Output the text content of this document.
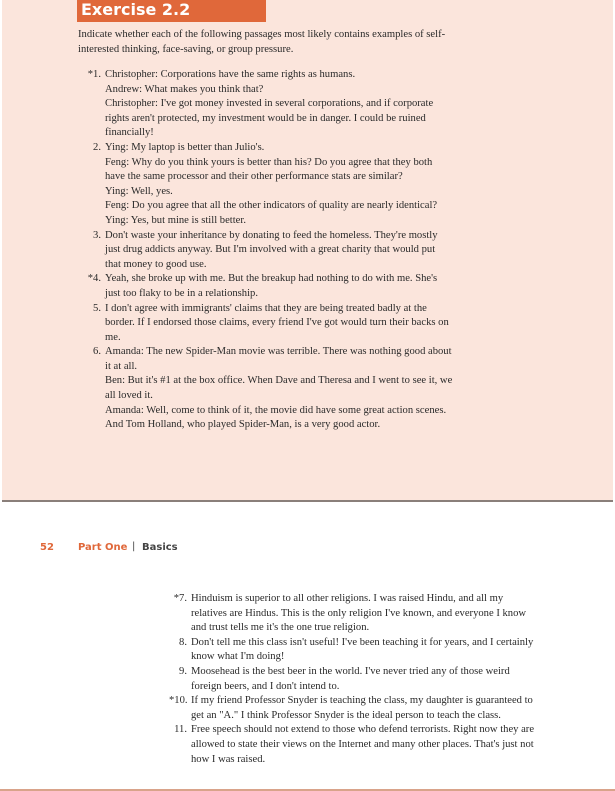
Exercise 2.2
Indicate whether each of the following passages most likely contains examples of self-interested thinking, face-saving, or group pressure.
*1. Christopher: Corporations have the same rights as humans.
Andrew: What makes you think that?
Christopher: I've got money invested in several corporations, and if corporate rights aren't protected, my investment would be in danger. I could be ruined financially!
2. Ying: My laptop is better than Julio's.
Feng: Why do you think yours is better than his? Do you agree that they both have the same processor and their other performance stats are similar?
Ying: Well, yes.
Feng: Do you agree that all the other indicators of quality are nearly identical?
Ying: Yes, but mine is still better.
3. Don't waste your inheritance by donating to feed the homeless. They're mostly just drug addicts anyway. But I'm involved with a great charity that would put that money to good use.
*4. Yeah, she broke up with me. But the breakup had nothing to do with me. She's just too flaky to be in a relationship.
5. I don't agree with immigrants' claims that they are being treated badly at the border. If I endorsed those claims, every friend I've got would turn their backs on me.
6. Amanda: The new Spider-Man movie was terrible. There was nothing good about it at all.
Ben: But it's #1 at the box office. When Dave and Theresa and I went to see it, we all loved it.
Amanda: Well, come to think of it, the movie did have some great action scenes. And Tom Holland, who played Spider-Man, is a very good actor.
52 Part One | Basics
*7. Hinduism is superior to all other religions. I was raised Hindu, and all my relatives are Hindus. This is the only religion I've known, and everyone I know and trust tells me it's the one true religion.
8. Don't tell me this class isn't useful! I've been teaching it for years, and I certainly know what I'm doing!
9. Moosehead is the best beer in the world. I've never tried any of those weird foreign beers, and I don't intend to.
*10. If my friend Professor Snyder is teaching the class, my daughter is guaranteed to get an "A." I think Professor Snyder is the ideal person to teach the class.
11. Free speech should not extend to those who defend terrorists. Right now they are allowed to state their views on the Internet and many other places. That's just not how I was raised.
